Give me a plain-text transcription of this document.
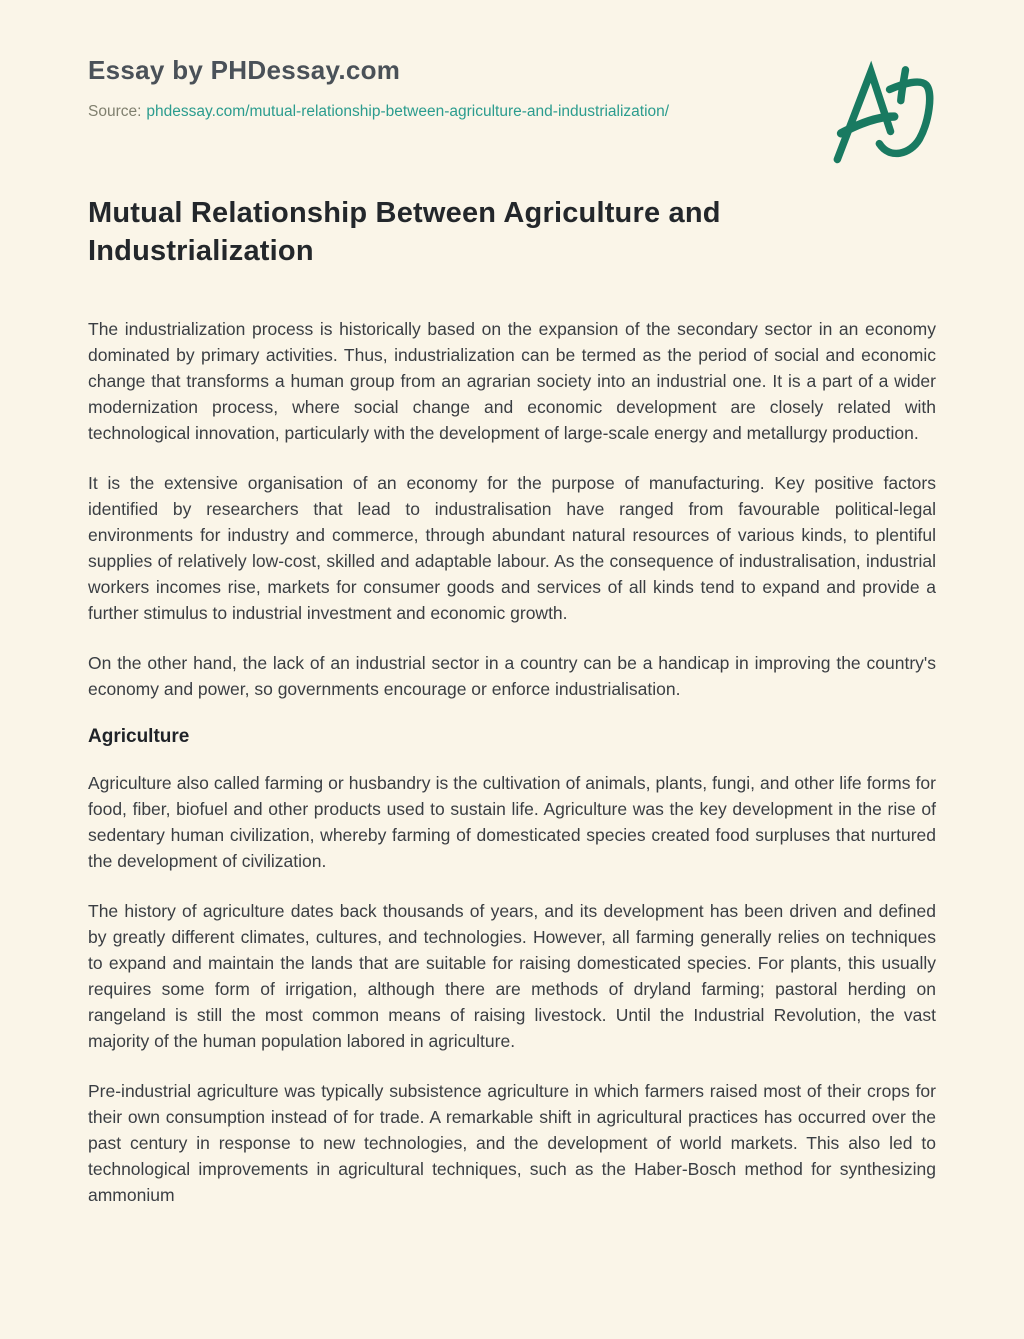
Essay by PHDessay.com

Source: phdessay.com/mutual-relationship-between-agriculture-and-industrialization/

Mutual Relationship Between Agriculture and Industrialization

The industrialization process is historically based on the expansion of the secondary sector in an economy dominated by primary activities. Thus, industrialization can be termed as the period of social and economic change that transforms a human group from an agrarian society into an industrial one. It is a part of a wider modernization process, where social change and economic development are closely related with technological innovation, particularly with the development of large-scale energy and metallurgy production.

It is the extensive organisation of an economy for the purpose of manufacturing. Key positive factors identified by researchers that lead to industralisation have ranged from favourable political-legal environments for industry and commerce, through abundant natural resources of various kinds, to plentiful supplies of relatively low-cost, skilled and adaptable labour. As the consequence of industralisation, industrial workers incomes rise, markets for consumer goods and services of all kinds tend to expand and provide a further stimulus to industrial investment and economic growth.

On the other hand, the lack of an industrial sector in a country can be a handicap in improving the country's economy and power, so governments encourage or enforce industrialisation.

Agriculture

Agriculture also called farming or husbandry is the cultivation of animals, plants, fungi, and other life forms for food, fiber, biofuel and other products used to sustain life. Agriculture was the key development in the rise of sedentary human civilization, whereby farming of domesticated species created food surpluses that nurtured the development of civilization.

The history of agriculture dates back thousands of years, and its development has been driven and defined by greatly different climates, cultures, and technologies. However, all farming generally relies on techniques to expand and maintain the lands that are suitable for raising domesticated species. For plants, this usually requires some form of irrigation, although there are methods of dryland farming; pastoral herding on rangeland is still the most common means of raising livestock. Until the Industrial Revolution, the vast majority of the human population labored in agriculture.

Pre-industrial agriculture was typically subsistence agriculture in which farmers raised most of their crops for their own consumption instead of for trade. A remarkable shift in agricultural practices has occurred over the past century in response to new technologies, and the development of world markets. This also led to technological improvements in agricultural techniques, such as the Haber-Bosch method for synthesizing ammonium
